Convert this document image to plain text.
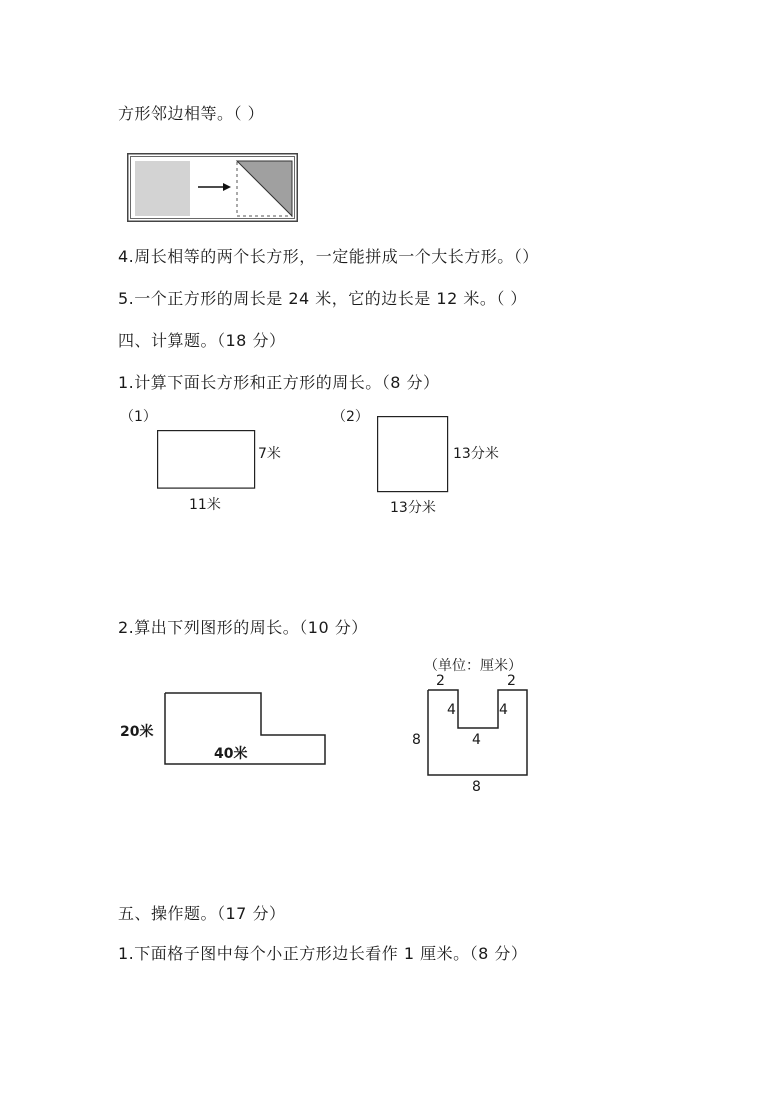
方形邻边相等。（ ）
4.周长相等的两个长方形，一定能拼成一个大长方形。（）
5.一个正方形的周长是 24 米，它的边长是 12 米。（ ）
四、计算题。（18 分）
1.计算下面长方形和正方形的周长。（8 分）
（1）
7米
11米
（2）
13分米
13分米
2.算出下列图形的周长。（10 分）
20米
40米
（单位：厘米）
2	2
4	4
4
8
8
五、操作题。（17 分）
1.下面格子图中每个小正方形边长看作 1 厘米。（8 分）
